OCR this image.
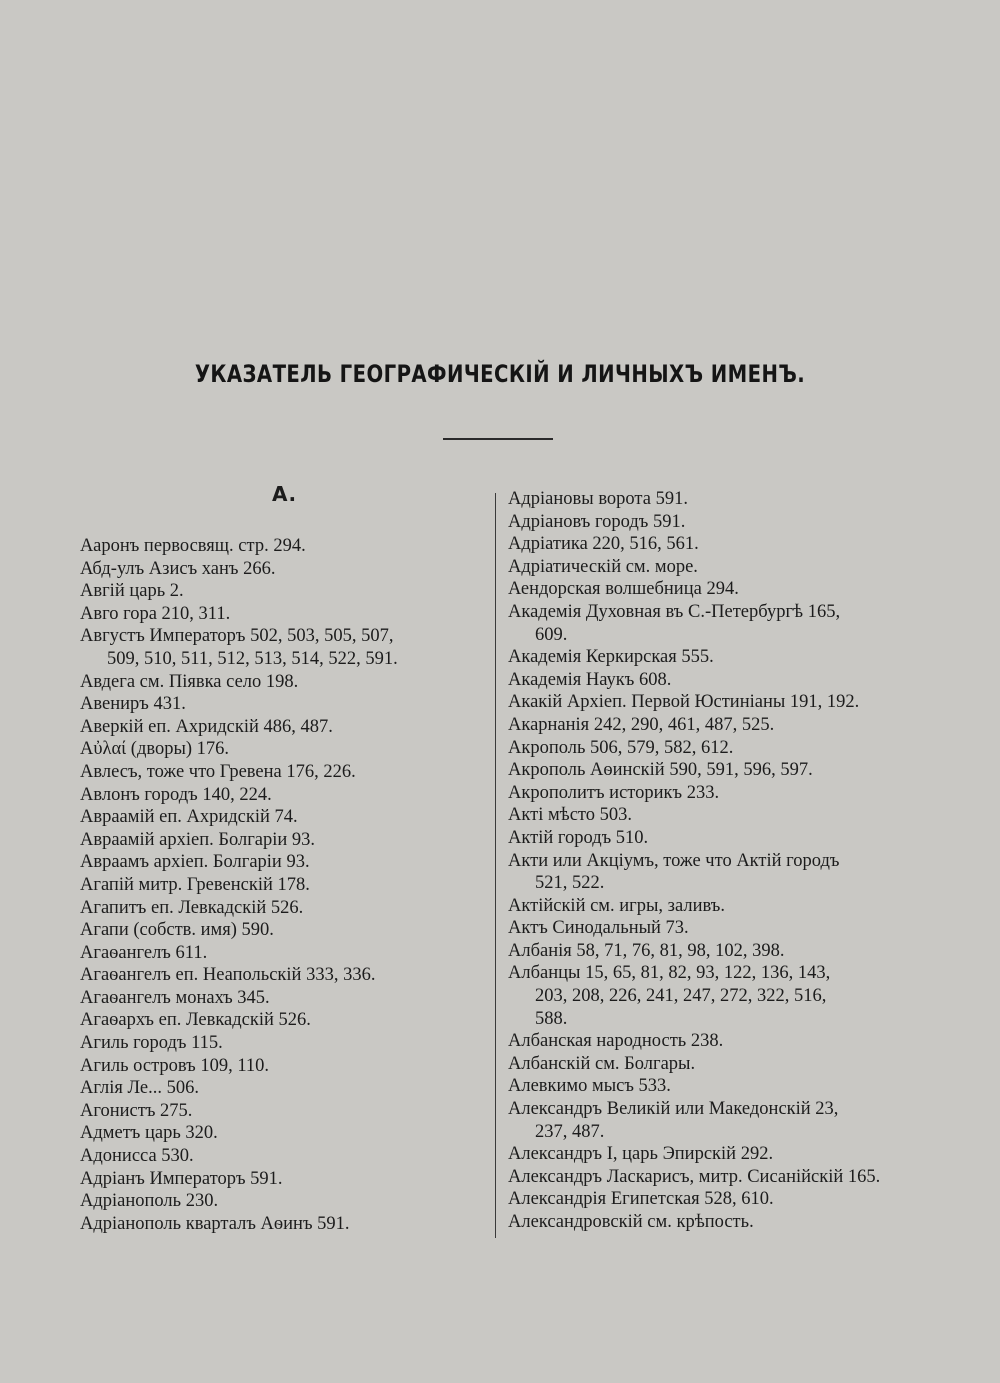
УКАЗАТЕЛЬ ГЕОГРАФИЧЕСКІЙ И ЛИЧНЫХЪ ИМЕНЪ.
А.
Ааронъ первосвящ. стр. 294.
Абд-улъ Азисъ ханъ 266.
Авгій царь 2.
Авго гора 210, 311.
Августъ Императоръ 502, 503, 505, 507,
509, 510, 511, 512, 513, 514, 522, 591.
Авдега см. Піявка село 198.
Авениръ 431.
Аверкій еп. Ахридскій 486, 487.
Αὐλαί (дворы) 176.
Авлесъ, тоже что Гревена 176, 226.
Авлонъ городъ 140, 224.
Авраамій еп. Ахридскій 74.
Авраамій архіеп. Болгаріи 93.
Авраамъ архіеп. Болгаріи 93.
Агапій митр. Гревенскій 178.
Агапитъ еп. Левкадскій 526.
Агапи (собств. имя) 590.
Агаѳангелъ 611.
Агаѳангелъ еп. Неапольскій 333, 336.
Агаѳангелъ монахъ 345.
Агаѳархъ еп. Левкадскій 526.
Агиль городъ 115.
Агиль островъ 109, 110.
Аглія Ле... 506.
Агонистъ 275.
Адметъ царь 320.
Адонисса 530.
Адріанъ Императоръ 591.
Адріанополь 230.
Адріанополь кварталъ Аѳинъ 591.
Адріановы ворота 591.
Адріановъ городъ 591.
Адріатика 220, 516, 561.
Адріатическій см. море.
Аендорская волшебница 294.
Академія Духовная въ С.-Петербургѣ 165,
609.
Академія Керкирская 555.
Академія Наукъ 608.
Акакій Архіеп. Первой Юстиніаны 191, 192.
Акарнанія 242, 290, 461, 487, 525.
Акрополь 506, 579, 582, 612.
Акрополь Аѳинскій 590, 591, 596, 597.
Акрополитъ историкъ 233.
Акті мѣсто 503.
Актій городъ 510.
Акти или Акціумъ, тоже что Актій городъ
521, 522.
Актійскій см. игры, заливъ.
Актъ Синодальный 73.
Албанія 58, 71, 76, 81, 98, 102, 398.
Албанцы 15, 65, 81, 82, 93, 122, 136, 143,
203, 208, 226, 241, 247, 272, 322, 516,
588.
Албанская народность 238.
Албанскій см. Болгары.
Алевкимо мысъ 533.
Александръ Великій или Македонскій 23,
237, 487.
Александръ I, царь Эпирскій 292.
Александръ Ласкарисъ, митр. Сисанійскій 165.
Александрія Египетская 528, 610.
Александровскій см. крѣпость.
